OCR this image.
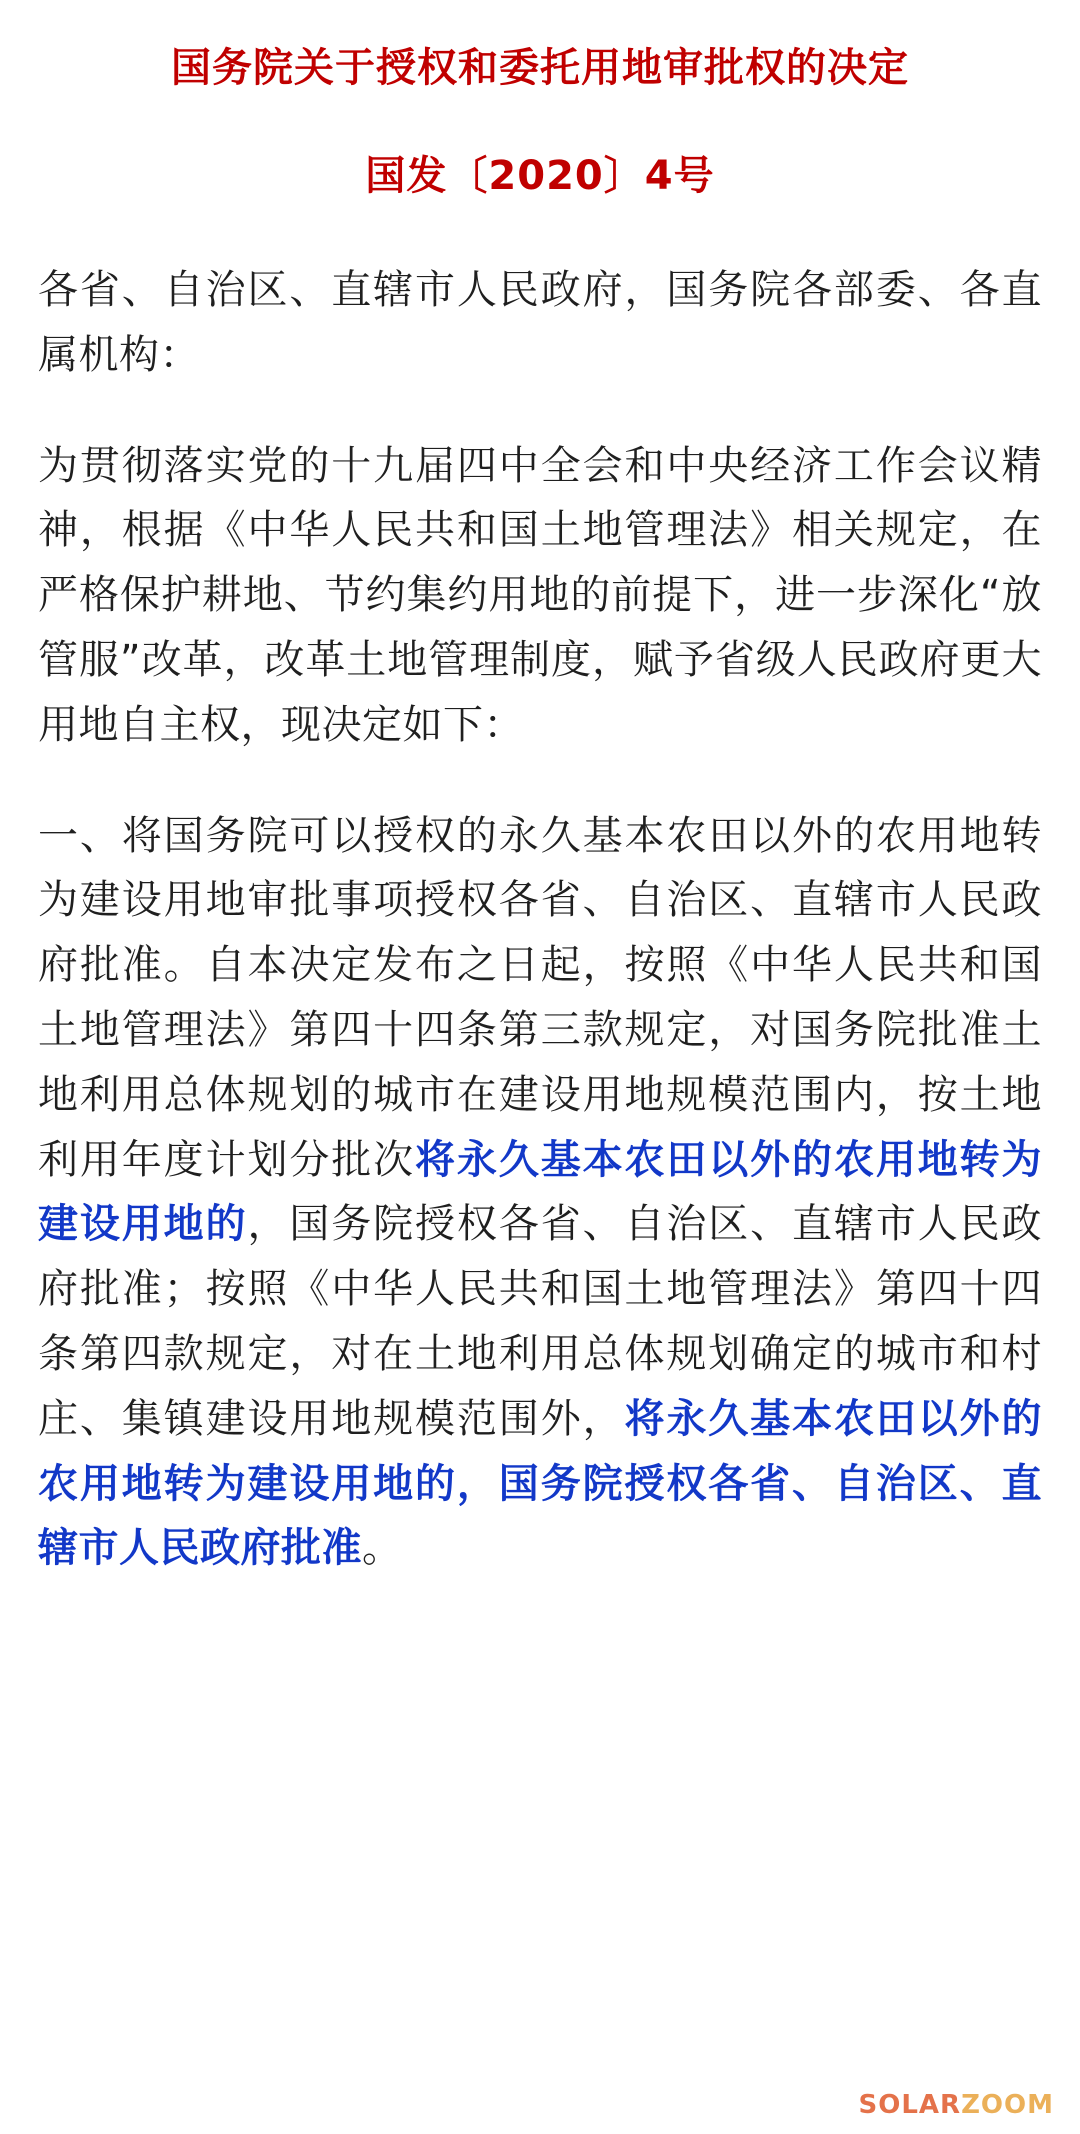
国务院关于授权和委托用地审批权的决定
国发〔2020〕4号

各省、自治区、直辖市人民政府，国务院各部委、各直属机构：

为贯彻落实党的十九届四中全会和中央经济工作会议精神，根据《中华人民共和国土地管理法》相关规定，在严格保护耕地、节约集约用地的前提下，进一步深化“放管服”改革，改革土地管理制度，赋予省级人民政府更大用地自主权，现决定如下：

一、将国务院可以授权的永久基本农田以外的农用地转为建设用地审批事项授权各省、自治区、直辖市人民政府批准。自本决定发布之日起，按照《中华人民共和国土地管理法》第四十四条第三款规定，对国务院批准土地利用总体规划的城市在建设用地规模范围内，按土地利用年度计划分批次将永久基本农田以外的农用地转为建设用地的，国务院授权各省、自治区、直辖市人民政府批准；按照《中华人民共和国土地管理法》第四十四条第四款规定，对在土地利用总体规划确定的城市和村庄、集镇建设用地规模范围外，将永久基本农田以外的农用地转为建设用地的，国务院授权各省、自治区、直辖市人民政府批准。

SOLARZOOM
